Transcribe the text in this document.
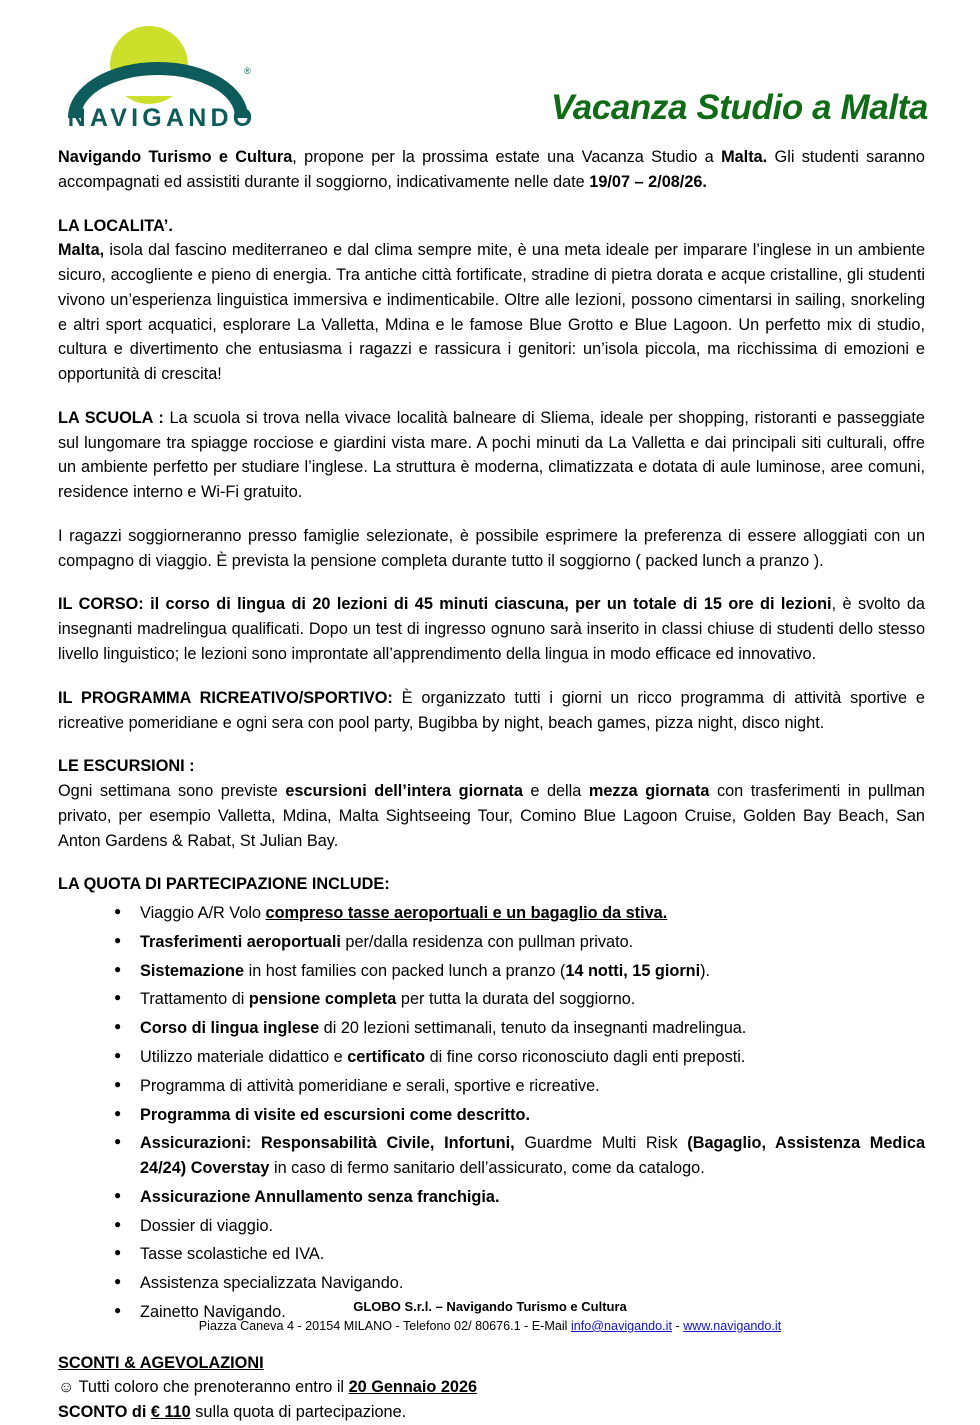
®
NAVIGANDO	Vacanza Studio a Malta

Navigando Turismo e Cultura, propone per la prossima estate una Vacanza Studio a Malta. Gli studenti saranno accompagnati ed assistiti durante il soggiorno, indicativamente nelle date 19/07 – 2/08/26.

LA LOCALITA’.

Malta, isola dal fascino mediterraneo e dal clima sempre mite, è una meta ideale per imparare l’inglese in un ambiente sicuro, accogliente e pieno di energia. Tra antiche città fortificate, stradine di pietra dorata e acque cristalline, gli studenti vivono un’esperienza linguistica immersiva e indimenticabile. Oltre alle lezioni, possono cimentarsi in sailing, snorkeling e altri sport acquatici, esplorare La Valletta, Mdina e le famose Blue Grotto e Blue Lagoon. Un perfetto mix di studio, cultura e divertimento che entusiasma i ragazzi e rassicura i genitori: un’isola piccola, ma ricchissima di emozioni e opportunità di crescita!

LA SCUOLA : La scuola si trova nella vivace località balneare di Sliema, ideale per shopping, ristoranti e passeggiate sul lungomare tra spiagge rocciose e giardini vista mare. A pochi minuti da La Valletta e dai principali siti culturali, offre un ambiente perfetto per studiare l’inglese. La struttura è moderna, climatizzata e dotata di aule luminose, aree comuni, residence interno e Wi-Fi gratuito.

I ragazzi soggiorneranno presso famiglie selezionate, è possibile esprimere la preferenza di essere alloggiati con un compagno di viaggio. È prevista la pensione completa durante tutto il soggiorno ( packed lunch a pranzo ).

IL CORSO: il corso di lingua di 20 lezioni di 45 minuti ciascuna, per un totale di 15 ore di lezioni, è svolto da insegnanti madrelingua qualificati. Dopo un test di ingresso ognuno sarà inserito in classi chiuse di studenti dello stesso livello linguistico; le lezioni sono improntate all’apprendimento della lingua in modo efficace ed innovativo.

IL PROGRAMMA RICREATIVO/SPORTIVO: È organizzato tutti i giorni un ricco programma di attività sportive e ricreative pomeridiane e ogni sera con pool party, Bugibba by night, beach games, pizza night, disco night.

LE ESCURSIONI :

Ogni settimana sono previste escursioni dell’intera giornata e della mezza giornata con trasferimenti in pullman privato, per esempio Valletta, Mdina, Malta Sightseeing Tour, Comino Blue Lagoon Cruise, Golden Bay Beach, San Anton Gardens & Rabat, St Julian Bay.

LA QUOTA DI PARTECIPAZIONE INCLUDE:
● Viaggio A/R Volo compreso tasse aeroportuali e un bagaglio da stiva.
● Trasferimenti aeroportuali per/dalla residenza con pullman privato.
● Sistemazione in host families con packed lunch a pranzo (14 notti, 15 giorni).
● Trattamento di pensione completa per tutta la durata del soggiorno.
● Corso di lingua inglese di 20 lezioni settimanali, tenuto da insegnanti madrelingua.
● Utilizzo materiale didattico e certificato di fine corso riconosciuto dagli enti preposti.
● Programma di attività pomeridiane e serali, sportive e ricreative.
● Programma di visite ed escursioni come descritto.
● Assicurazioni: Responsabilità Civile, Infortuni, Guardme Multi Risk (Bagaglio, Assistenza Medica 24/24) Coverstay in caso di fermo sanitario dell’assicurato, come da catalogo.
● Assicurazione Annullamento senza franchigia.
● Dossier di viaggio.
● Tasse scolastiche ed IVA.
● Assistenza specializzata Navigando.
● Zainetto Navigando.
SCONTI & AGEVOLAZIONI

☺ Tutti coloro che prenoteranno entro il 20 Gennaio 2026

SCONTO di € 110 sulla quota di partecipazione.

GLOBO S.r.l. – Navigando Turismo e Cultura
Piazza Caneva 4 - 20154 MILANO - Telefono 02/ 80676.1 - E-Mail info@navigando.it - www.navigando.it
